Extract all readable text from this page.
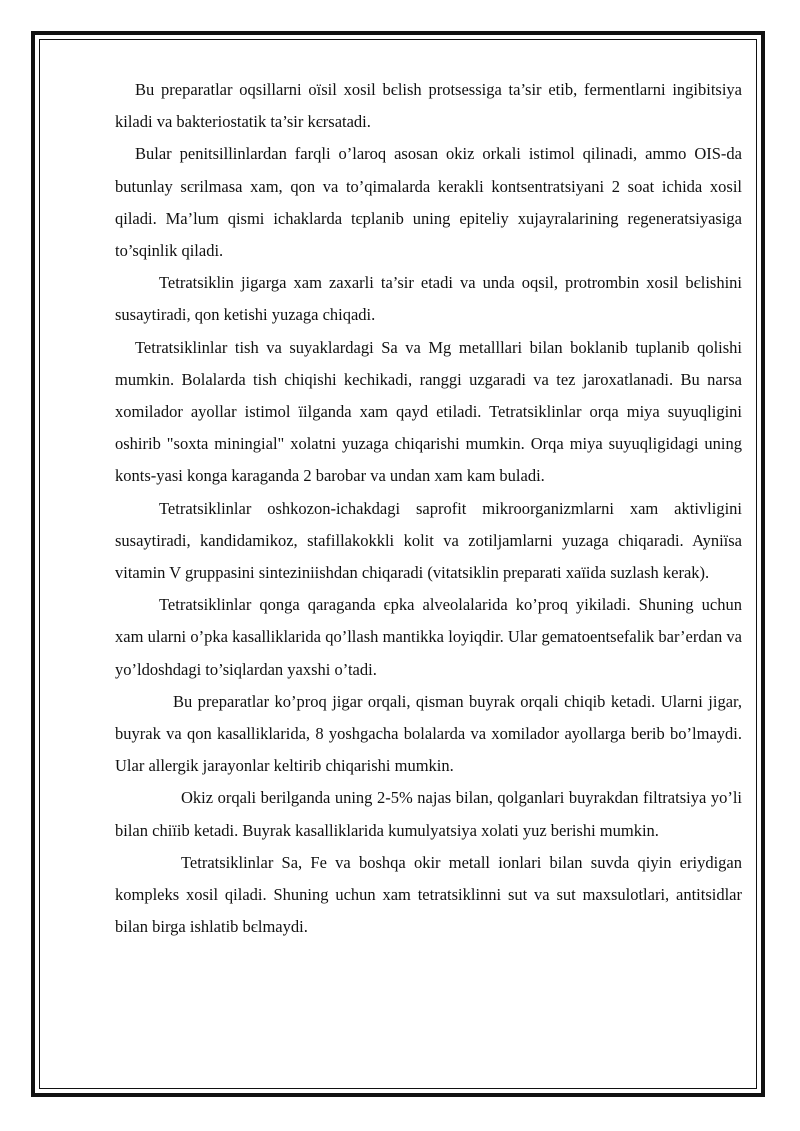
Bu preparatlar oqsillarni oïsil xosil bєlish protsessiga ta’sir etib, fermentlarni ingibitsiya kiladi va bakteriostatik ta’sir kєrsatadi.

Bular penitsillinlardan farqli o’laroq asosan okiz orkali istimol qilinadi, ammo OIS-da butunlay sєrilmasa xam, qon va to’qimalarda kerakli kontsentratsiyani 2 soat ichida xosil qiladi. Ma’lum qismi ichaklarda tєplanib uning epiteliy xujayralarining regeneratsiyasiga to’sqinlik qiladi.

Tetratsiklin jigarga xam zaxarli ta’sir etadi va unda oqsil, protrombin xosil bєlishini susaytiradi, qon ketishi yuzaga chiqadi.

Tetratsiklinlar tish va suyaklardagi Sa va Mg metalllari bilan boklanib tuplanib qolishi mumkin. Bolalarda tish chiqishi kechikadi, ranggi uzgaradi va tez jaroxatlanadi. Bu narsa xomilador ayollar istimol ïilganda xam qayd etiladi. Tetratsiklinlar orqa miya suyuqligini oshirib "soxta miningial" xolatni yuzaga chiqarishi mumkin. Orqa miya suyuqligidagi uning konts-yasi konga karaganda 2 barobar va undan xam kam buladi.

Tetratsiklinlar oshkozon-ichakdagi saprofit mikroorganizmlarni xam aktivligini susaytiradi, kandidamikoz, stafillakokkli kolit va zotiljamlarni yuzaga chiqaradi. Ayniïsa vitamin V gruppasini sinteziniishdan chiqaradi (vitatsiklin preparati xaïida suzlash kerak).

Tetratsiklinlar qonga qaraganda єpka alveolalarida ko’proq yikiladi. Shuning uchun xam ularni o’pka kasalliklarida qo’llash mantikka loyiqdir. Ular gematoentsefalik bar’erdan va yo’ldoshdagi to’siqlardan yaxshi o’tadi.

Bu preparatlar ko’proq jigar orqali, qisman buyrak orqali chiqib ketadi. Ularni jigar, buyrak va qon kasalliklarida, 8 yoshgacha bolalarda va xomilador ayollarga berib bo’lmaydi. Ular allergik jarayonlar keltirib chiqarishi mumkin.

Okiz orqali berilganda uning 2-5% najas bilan, qolganlari buyrakdan filtratsiya yo’li bilan chiïib ketadi. Buyrak kasalliklarida kumulyatsiya xolati yuz berishi mumkin.

Tetratsiklinlar Sa, Fe va boshqa okir metall ionlari bilan suvda qiyin eriydigan kompleks xosil qiladi. Shuning uchun xam tetratsiklinni sut va sut maxsulotlari, antitsidlar bilan birga ishlatib bєlmaydi.
